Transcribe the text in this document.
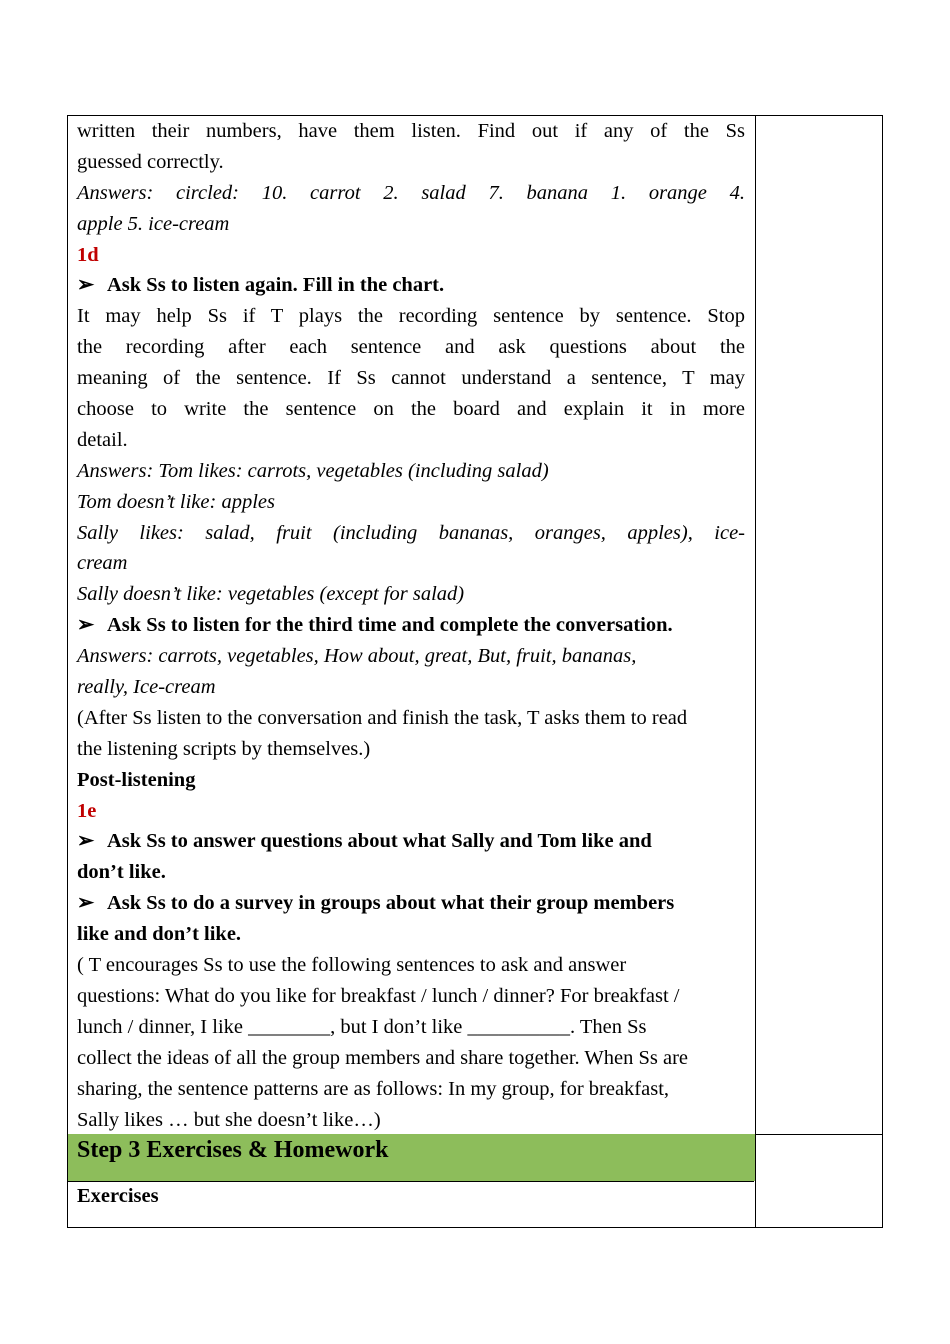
written their numbers, have them listen. Find out if any of the Ss
guessed correctly.
Answers: circled: 10. carrot 2. salad 7. banana 1. orange 4.
apple 5. ice-cream
1d
➢ Ask Ss to listen again. Fill in the chart.
It may help Ss if T plays the recording sentence by sentence. Stop
the recording after each sentence and ask questions about the
meaning of the sentence. If Ss cannot understand a sentence, T may
choose to write the sentence on the board and explain it in more
detail.
Answers: Tom likes: carrots, vegetables (including salad)
Tom doesn’t like: apples
Sally likes: salad, fruit (including bananas, oranges, apples), ice-
cream
Sally doesn’t like: vegetables (except for salad)
➢ Ask Ss to listen for the third time and complete the conversation.
Answers: carrots, vegetables, How about, great, But, fruit, bananas,
really, Ice-cream
(After Ss listen to the conversation and finish the task, T asks them to read
the listening scripts by themselves.)
Post-listening
1e
➢ Ask Ss to answer questions about what Sally and Tom like and
don’t like.
➢ Ask Ss to do a survey in groups about what their group members
like and don’t like.
( T encourages Ss to use the following sentences to ask and answer
questions: What do you like for breakfast / lunch / dinner? For breakfast /
lunch / dinner, I like ________, but I don’t like __________. Then Ss
collect the ideas of all the group members and share together. When Ss are
sharing, the sentence patterns are as follows: In my group, for breakfast,
Sally likes … but she doesn’t like…)
Step 3 Exercises & Homework
Exercises
